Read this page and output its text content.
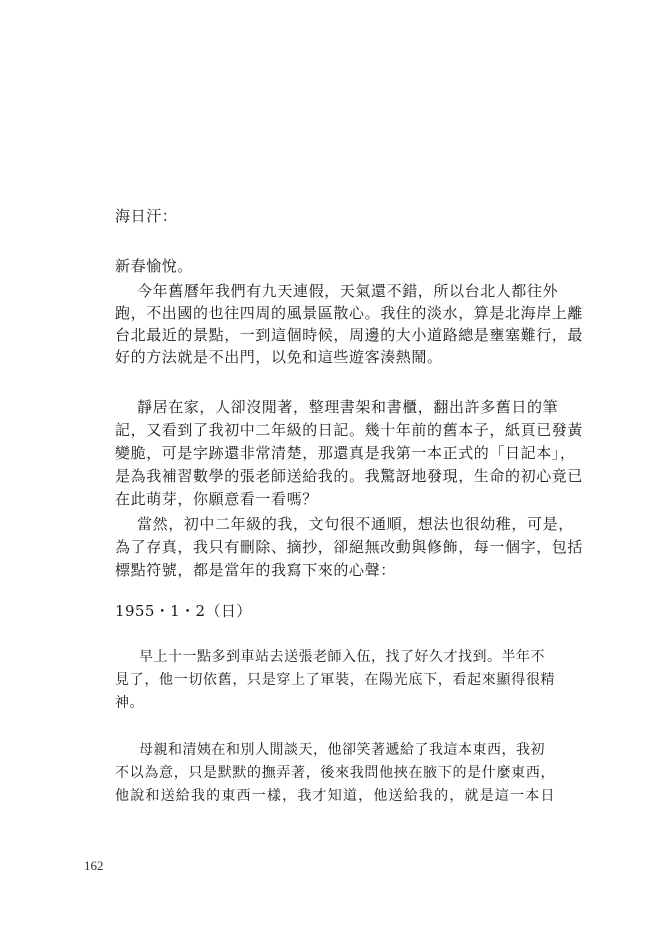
海日汗：
新春愉悅。
今年舊曆年我們有九天連假，天氣還不錯，所以台北人都往外
跑，不出國的也往四周的風景區散心。我住的淡水，算是北海岸上離
台北最近的景點，一到這個時候，周邊的大小道路總是壅塞難行，最
好的方法就是不出門，以免和這些遊客湊熱鬧。
靜居在家，人卻沒閒著，整理書架和書櫃，翻出許多舊日的筆
記，又看到了我初中二年級的日記。幾十年前的舊本子，紙頁已發黃
變脆，可是字跡還非常清楚，那還真是我第一本正式的「日記本」，
是為我補習數學的張老師送給我的。我驚訝地發現，生命的初心竟已
在此萌芽，你願意看一看嗎？
當然，初中二年級的我，文句很不通順，想法也很幼稚，可是，
為了存真，我只有刪除、摘抄，卻絕無改動與修飾，每一個字，包括
標點符號，都是當年的我寫下來的心聲：
1955・1・2（日）
早上十一點多到車站去送張老師入伍，找了好久才找到。半年不
見了，他一切依舊，只是穿上了軍裝，在陽光底下，看起來顯得很精
神。
母親和清姨在和別人閒談天，他卻笑著遞給了我這本東西，我初
不以為意，只是默默的撫弄著，後來我問他挾在腋下的是什麼東西，
他說和送給我的東西一樣，我才知道，他送給我的，就是這一本日
162
